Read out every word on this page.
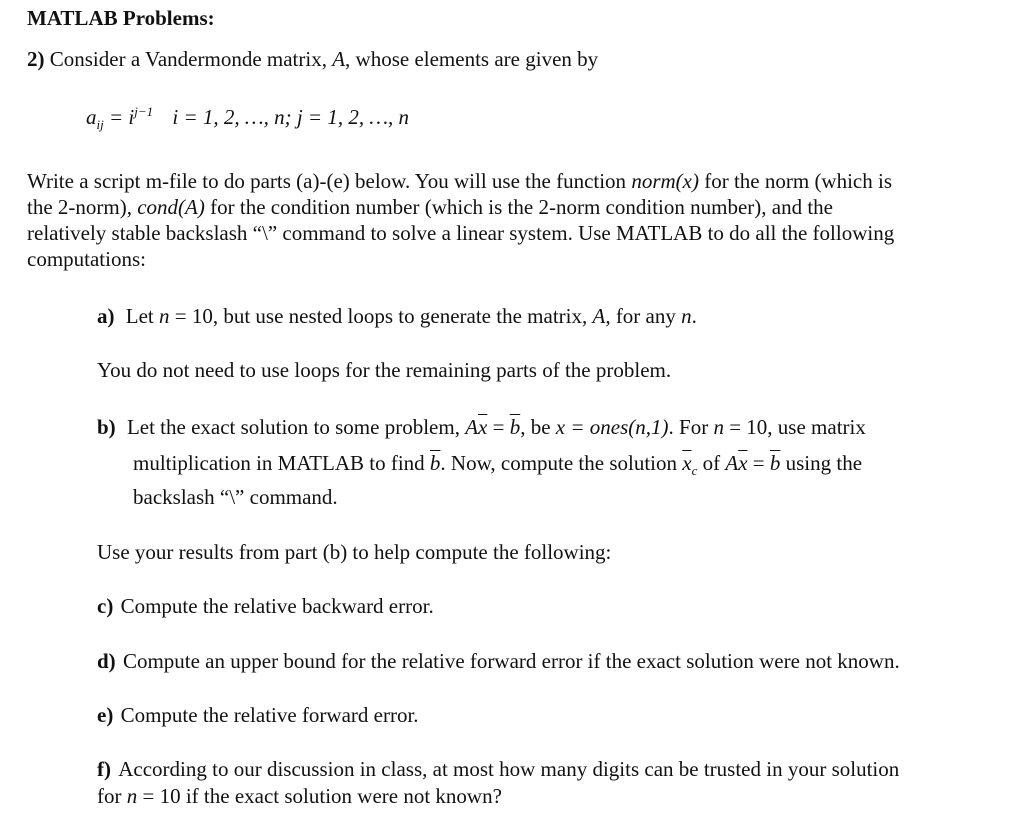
MATLAB Problems:
2) Consider a Vandermonde matrix, A, whose elements are given by
$a_{ij} = i^{j-1}$ i = 1, 2, …, n; j = 1, 2, …, n

Write a script m-file to do parts (a)-(e) below. You will use the function norm(x) for the norm (which is

the 2-norm), cond(A) for the condition number (which is the 2-norm condition number), and the

relatively stable backslash “\” command to solve a linear system. Use MATLAB to do all the following

computations:

a) Let n = 10, but use nested loops to generate the matrix, A, for any n.
You do not need to use loops for the remaining parts of the problem.
b) Let the exact solution to some problem, $A\overline{x} = \overline{b}$, be x = ones(n,1). For n = 10, use matrix
multiplication in MATLAB to find $\overline{b}$. Now, compute the solution $\overline{x}_c$ of $A\overline{x} = \overline{b}$ using the
backslash “\” command.
Use your results from part (b) to help compute the following:
c) Compute the relative backward error.
d) Compute an upper bound for the relative forward error if the exact solution were not known.
e) Compute the relative forward error.
f) According to our discussion in class, at most how many digits can be trusted in your solution
for n = 10 if the exact solution were not known?
